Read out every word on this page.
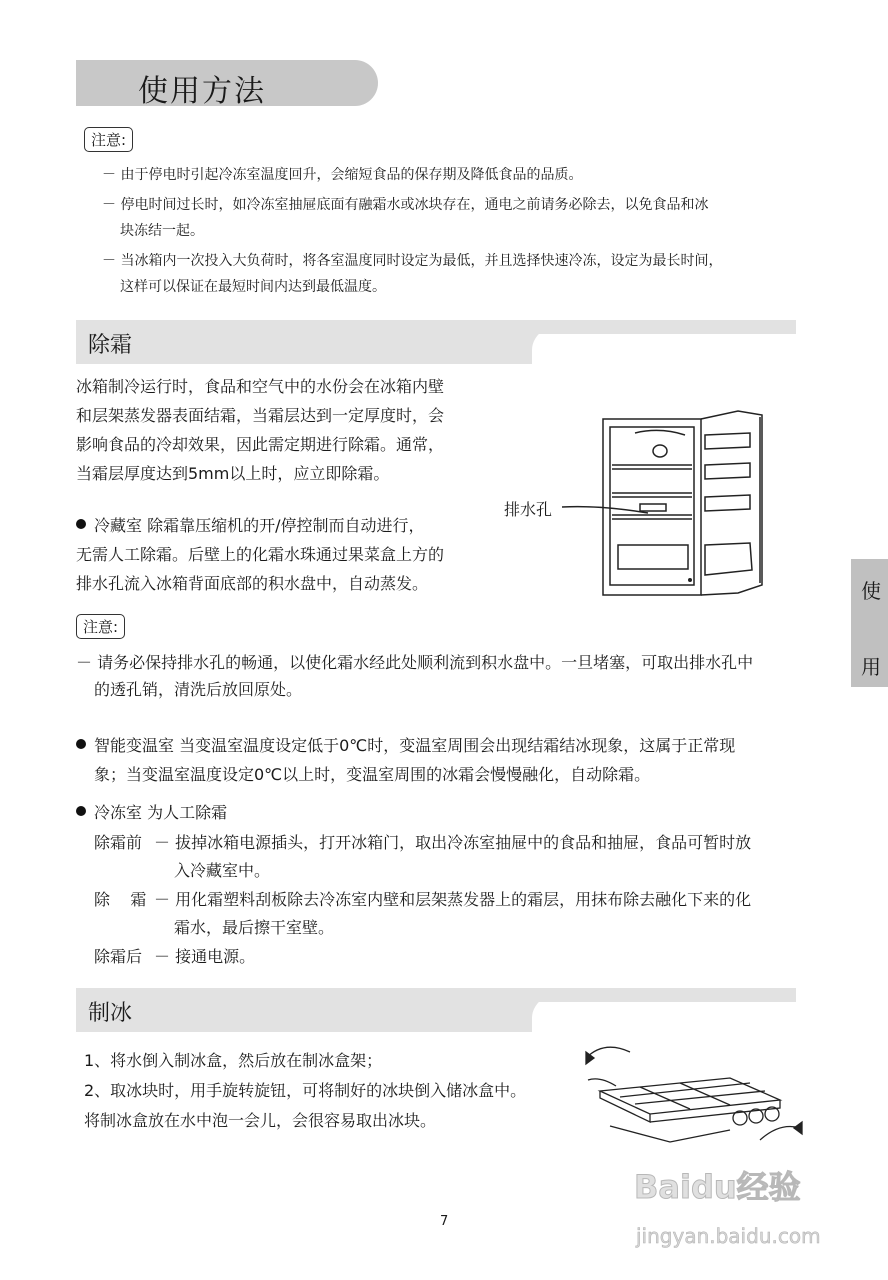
使用方法
注意:
－ 由于停电时引起冷冻室温度回升，会缩短食品的保存期及降低食品的品质。
－ 停电时间过长时，如冷冻室抽屉底面有融霜水或冰块存在，通电之前请务必除去，以免食品和冰
块冻结一起。
－ 当冰箱内一次投入大负荷时，将各室温度同时设定为最低，并且选择快速冷冻，设定为最长时间，
这样可以保证在最短时间内达到最低温度。
除霜
冰箱制冷运行时，食品和空气中的水份会在冰箱内壁
和层架蒸发器表面结霜，当霜层达到一定厚度时，会
影响食品的冷却效果，因此需定期进行除霜。通常，
当霜层厚度达到5mm以上时，应立即除霜。
冷藏室 除霜靠压缩机的开/停控制而自动进行，
无需人工除霜。后壁上的化霜水珠通过果菜盒上方的
排水孔流入冰箱背面底部的积水盘中，自动蒸发。
排水孔
注意:
－ 请务必保持排水孔的畅通，以使化霜水经此处顺利流到积水盘中。一旦堵塞，可取出排水孔中
的透孔销，清洗后放回原处。
智能变温室 当变温室温度设定低于0℃时，变温室周围会出现结霜结冰现象，这属于正常现
象；当变温室温度设定0℃以上时，变温室周围的冰霜会慢慢融化，自动除霜。
冷冻室 为人工除霜
除霜前 － 拔掉冰箱电源插头，打开冰箱门，取出冷冻室抽屉中的食品和抽屉，食品可暂时放
入冷藏室中。
除    霜 － 用化霜塑料刮板除去冷冻室内壁和层架蒸发器上的霜层，用抹布除去融化下来的化
霜水，最后擦干室壁。
除霜后 － 接通电源。
制冰
1、将水倒入制冰盒，然后放在制冰盒架；
2、取冰块时，用手旋转旋钮，可将制好的冰块倒入储冰盒中。
将制冰盒放在水中泡一会儿，会很容易取出冰块。
使
用
7
Baidu经验
jingyan.baidu.com
